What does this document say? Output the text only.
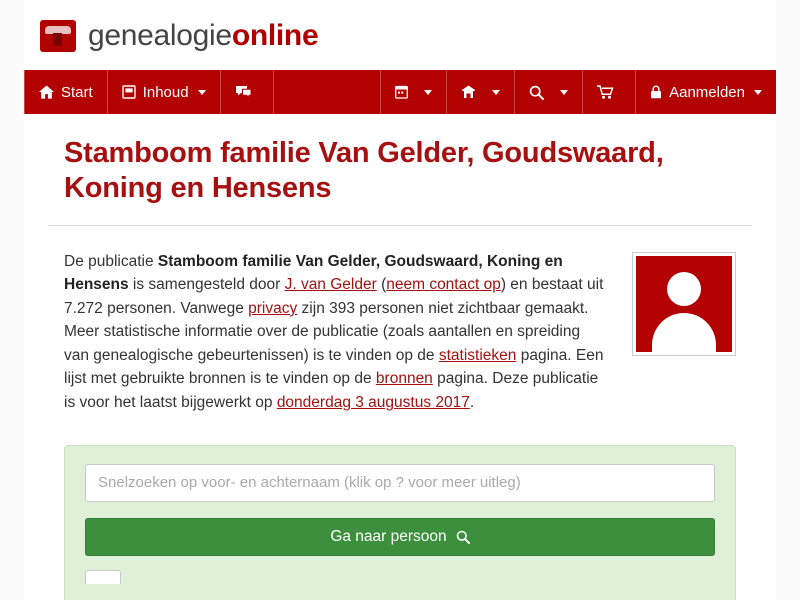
genealogieonline
Start	Inhoud	Aanmelden
Stamboom familie Van Gelder, Goudswaard, Koning en Hensens
De publicatie Stamboom familie Van Gelder, Goudswaard, Koning en Hensens is samengesteld door J. van Gelder (neem contact op) en bestaat uit 7.272 personen. Vanwege privacy zijn 393 personen niet zichtbaar gemaakt. Meer statistische informatie over de publicatie (zoals aantallen en spreiding van genealogische gebeurtenissen) is te vinden op de statistieken pagina. Een lijst met gebruikte bronnen is te vinden op de bronnen pagina. Deze publicatie is voor het laatst bijgewerkt op donderdag 3 augustus 2017.
Snelzoeken op voor- en achternaam (klik op ? voor meer uitleg)
Ga naar persoon
